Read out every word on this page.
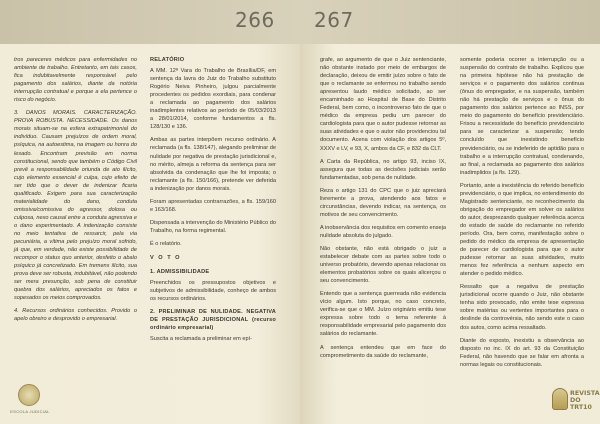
266

tros pareceres médicos para enfermidades no ambiente de trabalho. Entretanto, em tais casos, fica indubitavelmente responsável pelo pagamento dos salários, diante da notória interrupção contratual e porque a ela pertence o risco do negócio.

3. DANOS MORAIS. CARACTERIZAÇÃO. PROVA ROBUSTA. NECESSIDADE. Os danos morais situam-se na esfera extrapatrimonial do indivíduo. Causam prejuízos de ordem moral, psíquica, na autoestima, na imagem ou honra do lesado. Encontram previsão em norma constitucional, sendo que também o Código Civil prevê a responsabilidade oriunda de ato ilícito, cujo elemento essencial é culpa, cujo efeito de ser tido que o dever de indenizar ficaria qualificado. Exigem para sua caracterização materialidade do dano, conduta omissiva/comissiva do agressor, dolosa ou culposa, nexo causal entre a conduta agressiva e o dano experimentado. A indenização consiste no meio tentativa de ressarcir, pela via pecuniária, a vítima pelo prejuízo moral sofrido, já que, em verdade, não existe possibilidade de recompor o status quo anterior, desfeito o abalo psíquico já concretizado. Em tremens ilícito, sua prova deve ser robusta, indubitável, não podendo ser mera presunção, sob pena de constituir quebra dos salários, apreciados os fatos e sopesados os meios comprovados.

4. Recursos ordinários conhecidos. Provido o apelo obreiro e desprovido o empresarial.

RELATÓRIO

A MM. 12ª Vara do Trabalho de Brasília/DF, em sentença da lavra do Juiz do Trabalho substituto Rogério Neiva Pinheiro, julgou parcialmente procedentes os pedidos exordiais, para condenar a reclamada ao pagamento dos salários inadimplentes relativos ao período de 05/03/2013 a 28/01/2014, conforme fundamentos a fls. 128/130 e 136.

Ambas as partes interpõem recurso ordinário. A reclamada (a fls. 138/147), alegando preliminar de nulidade por negativa de prestação jurisdicional e, no mérito, almeja a reforma da sentença para ser absolvida da condenação que lhe foi imposta; o reclamante (a fls. 150/166), pretende ver deferida a indenização por danos morais.

Foram apresentadas contrarrazões, a fls. 159/160 e 163/168.

Dispensada a intervenção do Ministério Público do Trabalho, na forma regimental.

É o relatório.

V O T O

1. ADMISSIBILIDADE

Preenchidos os pressupostos objetivos e subjetivos de admissibilidade, conheço de ambos os recursos ordinários.

2. PRELIMINAR DE NULIDADE. NEGATIVA DE PRESTAÇÃO JURISDICIONAL (recurso ordinário empresarial)

Suscita a reclamada a preliminar em epí-

ESCOLA JUDICIAL
267

grafe, ao argumento de que o Juiz sentenciante, não obstante instado por meio de embargos de declaração, deixou de emitir juízo sobre o fato de que o reclamante se enfermou no trabalho sendo apresentou laudo médico solicitado, ao ser encaminhado ao Hospital de Base do Distrito Federal, bem como, o incontroverso fato de que o médico da empresa pediu um parecer do cardiologista para que o autor pudesse retornar as suas atividades e que o autor não providenciou tal documento. Acena com violação dos artigos 5º, XXXV e LV, e 93, X, ambos da CF, e 832 da CLT.

A Carta da República, no artigo 93, inciso IX, assegura que todas as decisões judiciais serão fundamentadas, sob pena de nulidade.

Reza o artigo 131 do CPC que o juiz apreciará livremente a prova, atendendo aos fatos e circunstâncias, devendo indicar, na sentença, os motivos de seu convencimento.

A inobservância dos requisitos em comento enseja nulidade absoluta do julgado.

Não obstante, não está obrigado o juiz a estabelecer debate com as partes sobre todo o universo probatório, devendo apenas relacionar os elementos probatórios sobre os quais alicerçou o seu convencimento.

Entendo que a sentença guerreada não evidencia vício algum. Isto porque, no caso concreto, verifica-se que o MM. Juízo originário emitiu tese expressa sobre todo o tema referente à responsabilidade empresarial pelo pagamento dos salários do reclamante.

A sentença entendeu que em face do comprometimento da saúde do reclamante,

somente poderia ocorrer a interrupção ou a suspensão do contrato de trabalho. Explicou que na primeira hipótese não há prestação de serviços e o pagamento dos salários continua (ônus do empregador, e na suspensão, também não há prestação de serviços e o ônus do pagamento dos salários pertence ao INSS, por meio do pagamento do benefício previdenciário. Frisou a necessidade do benefício previdenciário para se caracterizar a suspensão; tendo concluído que inexistindo benefício previdenciário, ou se indeferido de aptidão para o trabalho e a interrupção contratual, condenando, ao final, a reclamada ao pagamento dos salários inadimplidos (a fls. 129).

Portanto, ante a inexistência do referido benefício previdenciário, o que implica, no entendimento do Magistrado sentenciante, no reconhecimento da obrigação do empregador em solver os salários do autor, desprezando qualquer referência acerca do estado de saúde do reclamante no referido período. Ora, bem como, manifestação sobre o pedido do médico da empresa de apresentação de parecer de cardiologista para que o autor pudesse retornar as suas atividades, muito menos fez referência a nenhum aspecto em atender o pedido médico.

Ressalto que a negativa de prestação jurisdicional ocorre quando o Juiz, não obstante tenha sido provocado, não emite tese expressa sobre matérias ou vertentes importantes para o deslinde da controvérsia, não sendo este o caso dos autos, como acima ressaltado.

Diante do exposto, inexistiu a observância ao disposto no inc. IX do art. 93 da Constituição Federal, não havendo que se falar em afronta a normas legais ou constitucionais.

REVISTA DO TRT10
